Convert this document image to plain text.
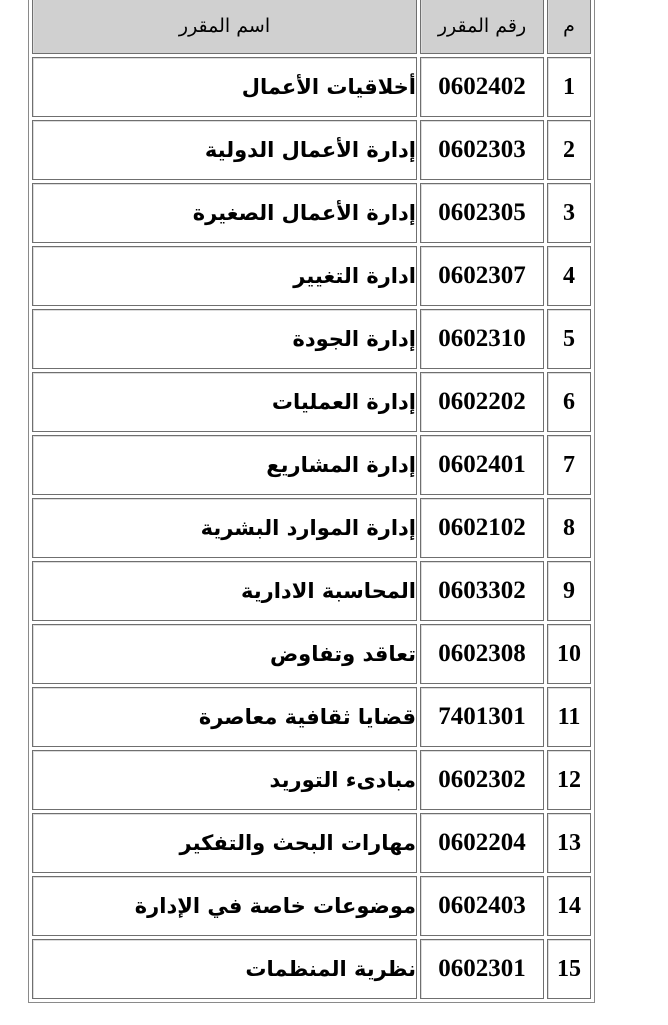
م	رقم المقرر	اسم المقرر
1	0602402	أخلاقيات الأعمال
2	0602303	إدارة الأعمال الدولية
3	0602305	إدارة الأعمال الصغيرة
4	0602307	ادارة التغيير
5	0602310	إدارة الجودة
6	0602202	إدارة العمليات
7	0602401	إدارة المشاريع
8	0602102	إدارة الموارد البشرية
9	0603302	المحاسبة الادارية
10	0602308	تعاقد وتفاوض
11	7401301	قضايا ثقافية معاصرة
12	0602302	مبادىء التوريد
13	0602204	مهارات البحث والتفكير
14	0602403	موضوعات خاصة في الإدارة
15	0602301	نظرية المنظمات
